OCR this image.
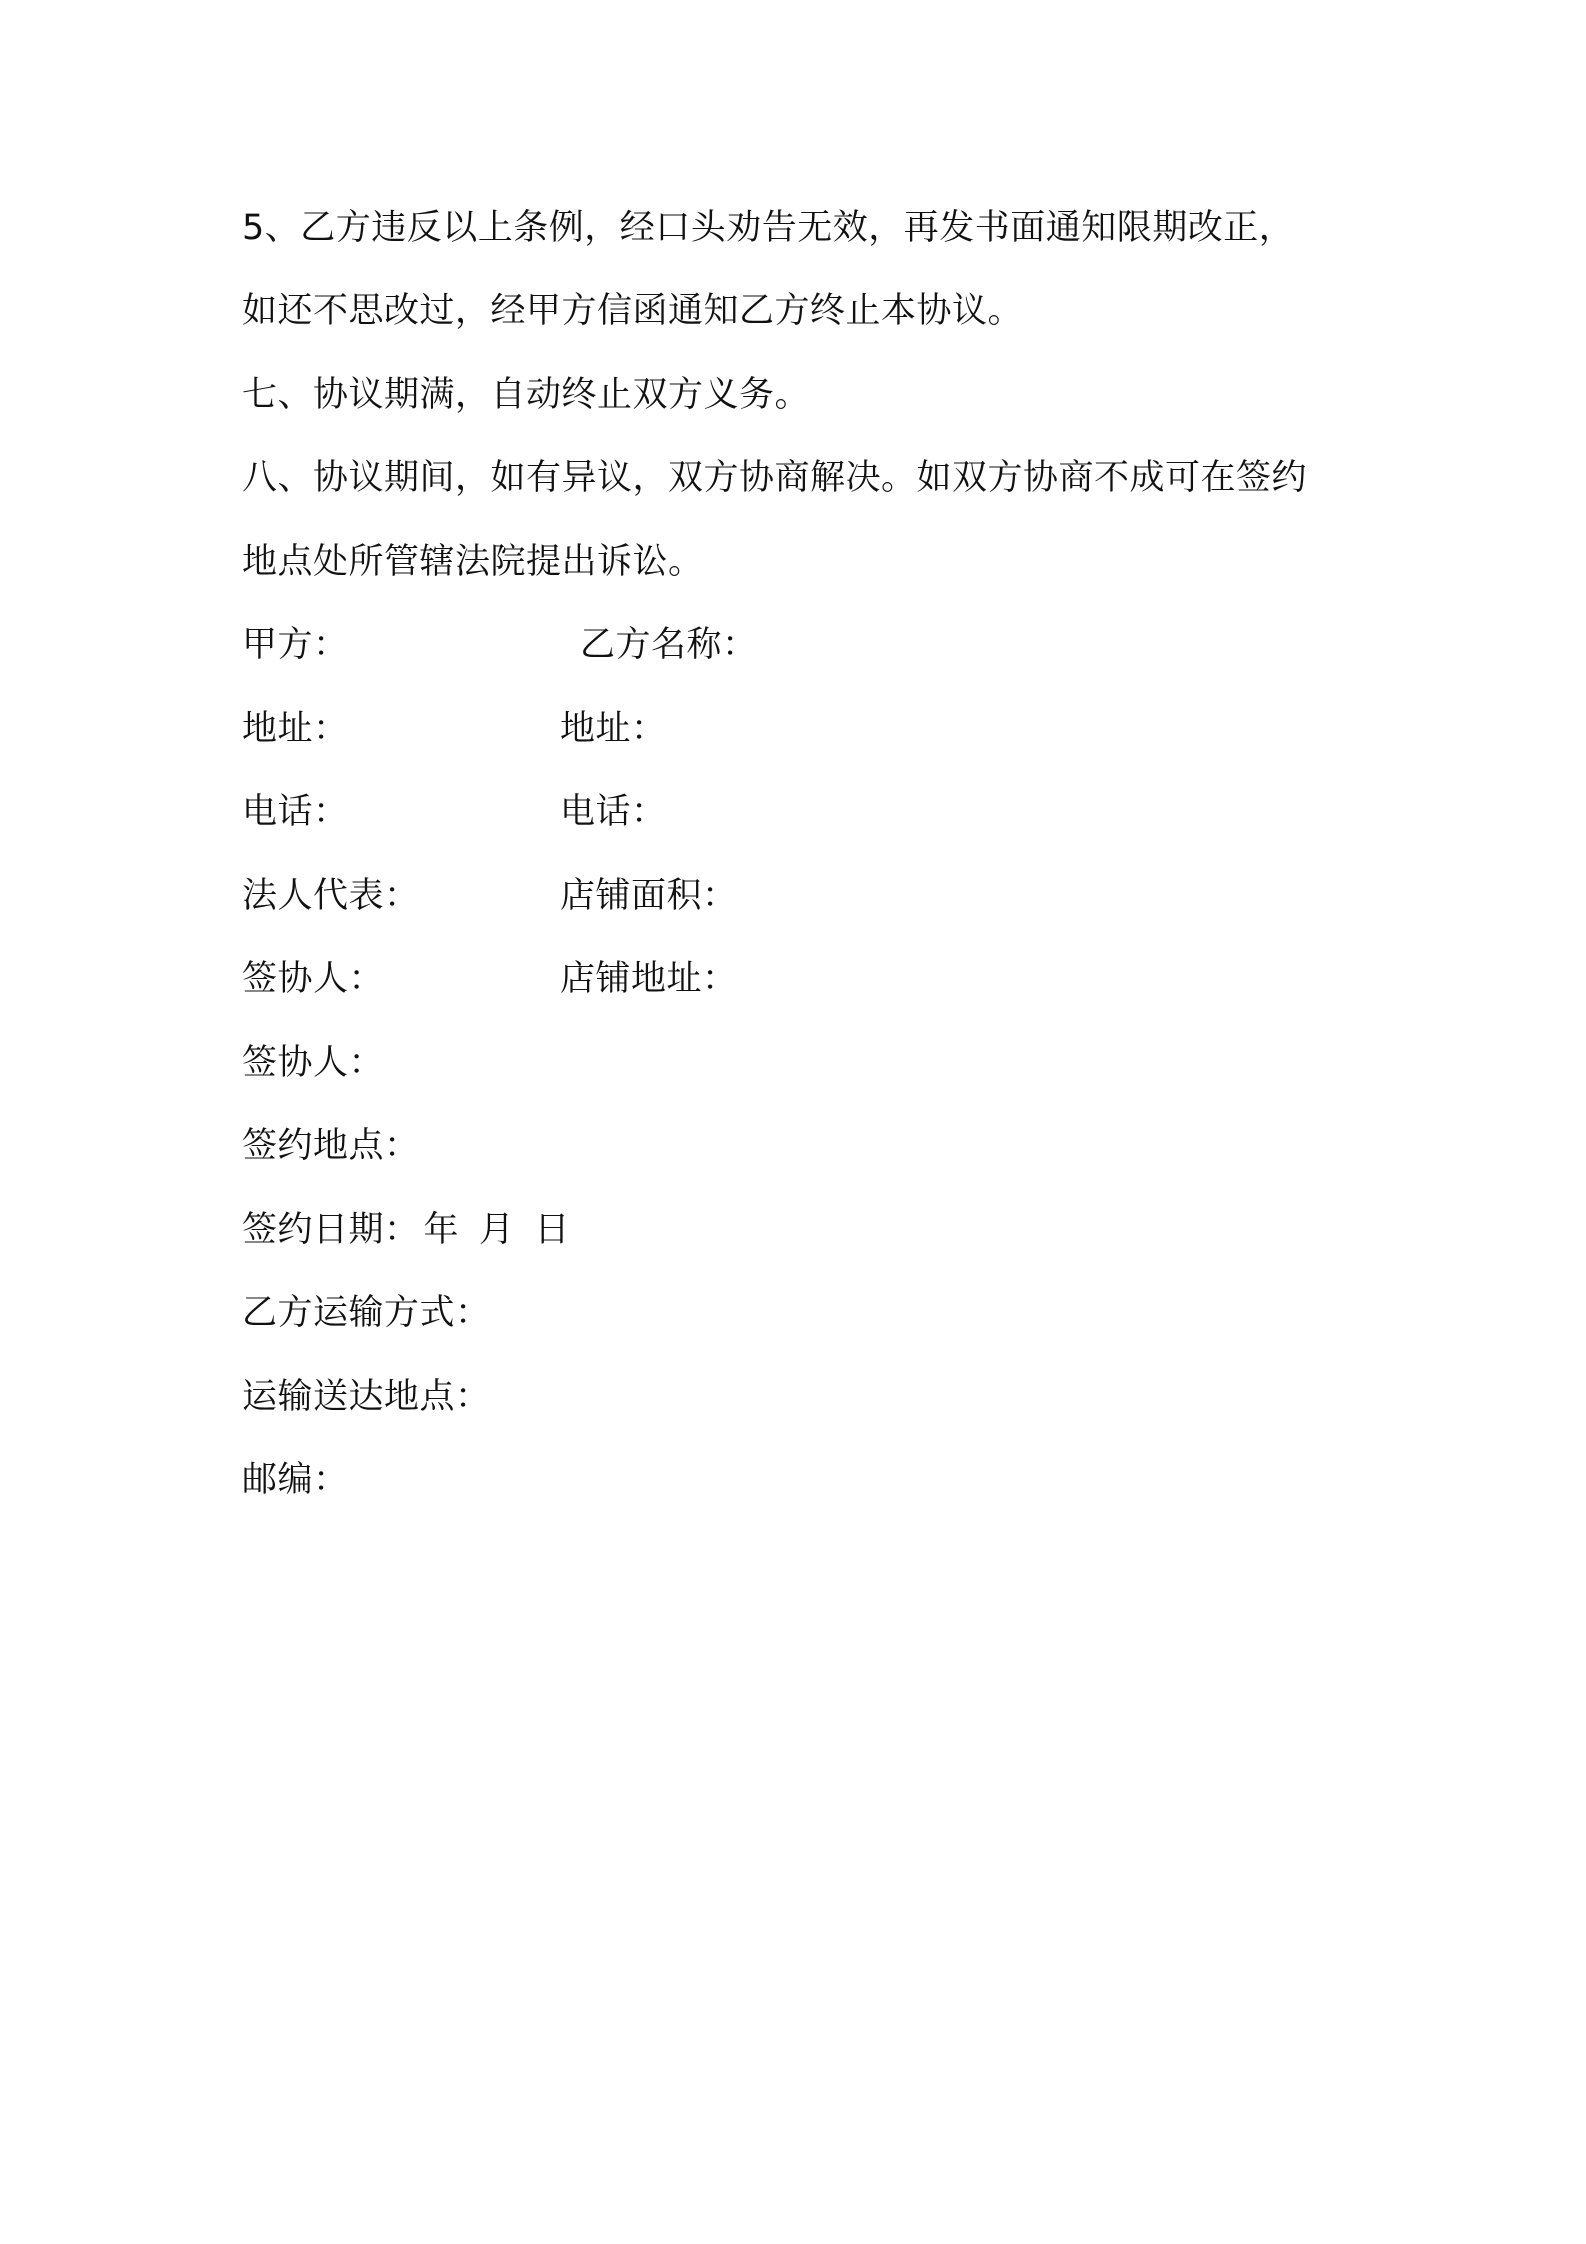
5、乙方违反以上条例，经口头劝告无效，再发书面通知限期改正，
如还不思改过，经甲方信函通知乙方终止本协议。
七、协议期满，自动终止双方义务。
八、协议期间，如有异议，双方协商解决。如双方协商不成可在签约
地点处所管辖法院提出诉讼。
甲方：	乙方名称：
地址：	地址：
电话：	电话：
法人代表：	店铺面积：
签协人：	店铺地址：
签协人：
签约地点：
签约日期： 年 月 日
乙方运输方式：
运输送达地点：
邮编：
